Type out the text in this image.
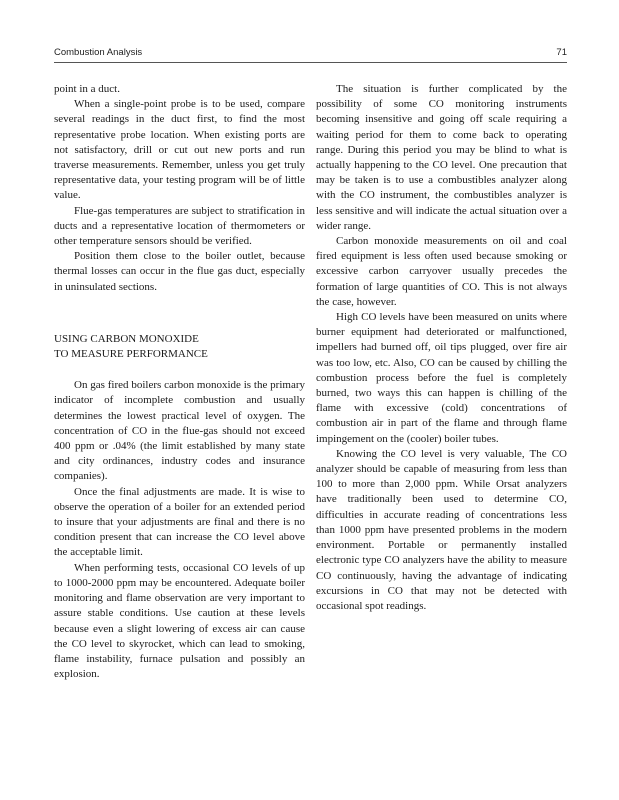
Combustion Analysis	71

point in a duct.

When a single-point probe is to be used, compare several readings in the duct first, to find the most representative probe location. When existing ports are not satisfactory, drill or cut out new ports and run traverse measurements. Remember, unless you get truly representative data, your testing program will be of little value.

Flue-gas temperatures are subject to stratification in ducts and a representative location of thermometers or other temperature sensors should be verified.

Position them close to the boiler outlet, because thermal losses can occur in the flue gas duct, especially in uninsulated sections.

USING CARBON MONOXIDE
TO MEASURE PERFORMANCE

On gas fired boilers carbon monoxide is the primary indicator of incomplete combustion and usually determines the lowest practical level of oxygen. The concentration of CO in the flue-gas should not exceed 400 ppm or .04% (the limit established by many state and city ordinances, industry codes and insurance companies).

Once the final adjustments are made. It is wise to observe the operation of a boiler for an extended period to insure that your adjustments are final and there is no condition present that can increase the CO level above the acceptable limit.

When performing tests, occasional CO levels of up to 1000-2000 ppm may be encountered. Adequate boiler monitoring and flame observation are very important to assure stable conditions. Use caution at these levels because even a slight lowering of excess air can cause the CO level to skyrocket, which can lead to smoking, flame instability, furnace pulsation and possibly an explosion.

The situation is further complicated by the possibility of some CO monitoring instruments becoming insensitive and going off scale requiring a waiting period for them to come back to operating range. During this period you may be blind to what is actually happening to the CO level. One precaution that may be taken is to use a combustibles analyzer along with the CO instrument, the combustibles analyzer is less sensitive and will indicate the actual situation over a wider range.

Carbon monoxide measurements on oil and coal fired equipment is less often used because smoking or excessive carbon carryover usually precedes the formation of large quantities of CO. This is not always the case, however.

High CO levels have been measured on units where burner equipment had deteriorated or malfunctioned, impellers had burned off, oil tips plugged, over fire air was too low, etc. Also, CO can be caused by chilling the combustion process before the fuel is completely burned, two ways this can happen is chilling of the flame with excessive (cold) concentrations of combustion air in part of the flame and through flame impingement on the (cooler) boiler tubes.

Knowing the CO level is very valuable, The CO analyzer should be capable of measuring from less than 100 to more than 2,000 ppm. While Orsat analyzers have traditionally been used to determine CO, difficulties in accurate reading of concentrations less than 1000 ppm have presented problems in the modern environment. Portable or permanently installed electronic type CO analyzers have the ability to measure CO continuously, having the advantage of indicating excursions in CO that may not be detected with occasional spot readings.
